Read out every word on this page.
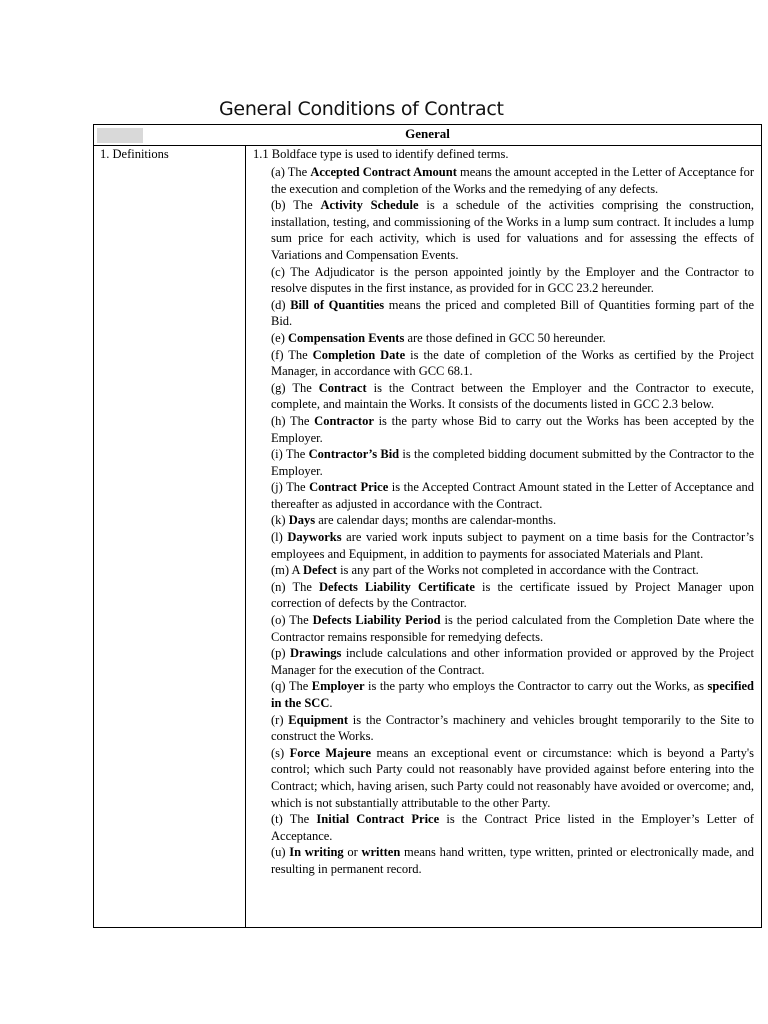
General Conditions of Contract
General
1. Definitions	1.1 Boldface type is used to identify defined terms.

(a) The Accepted Contract Amount means the amount accepted in the Letter of Acceptance for the execution and completion of the Works and the remedying of any defects.

(b) The Activity Schedule is a schedule of the activities comprising the construction, installation, testing, and commissioning of the Works in a lump sum contract. It includes a lump sum price for each activity, which is used for valuations and for assessing the effects of Variations and Compensation Events.

(c) The Adjudicator is the person appointed jointly by the Employer and the Contractor to resolve disputes in the first instance, as provided for in GCC 23.2 hereunder.

(d) Bill of Quantities means the priced and completed Bill of Quantities forming part of the Bid.

(e) Compensation Events are those defined in GCC 50 hereunder.

(f) The Completion Date is the date of completion of the Works as certified by the Project Manager, in accordance with GCC 68.1.

(g) The Contract is the Contract between the Employer and the Contractor to execute, complete, and maintain the Works. It consists of the documents listed in GCC 2.3 below.

(h) The Contractor is the party whose Bid to carry out the Works has been accepted by the Employer.

(i) The Contractor’s Bid is the completed bidding document submitted by the Contractor to the Employer.

(j) The Contract Price is the Accepted Contract Amount stated in the Letter of Acceptance and thereafter as adjusted in accordance with the Contract.

(k) Days are calendar days; months are calendar-months.

(l) Dayworks are varied work inputs subject to payment on a time basis for the Contractor’s employees and Equipment, in addition to payments for associated Materials and Plant.

(m) A Defect is any part of the Works not completed in accordance with the Contract.

(n) The Defects Liability Certificate is the certificate issued by Project Manager upon correction of defects by the Contractor.

(o) The Defects Liability Period is the period calculated from the Completion Date where the Contractor remains responsible for remedying defects.

(p) Drawings include calculations and other information provided or approved by the Project Manager for the execution of the Contract.

(q) The Employer is the party who employs the Contractor to carry out the Works, as specified in the SCC.

(r) Equipment is the Contractor’s machinery and vehicles brought temporarily to the Site to construct the Works.

(s) Force Majeure means an exceptional event or circumstance: which is beyond a Party's control; which such Party could not reasonably have provided against before entering into the Contract; which, having arisen, such Party could not reasonably have avoided or overcome; and, which is not substantially attributable to the other Party.

(t) The Initial Contract Price is the Contract Price listed in the Employer’s Letter of Acceptance.

(u) In writing or written means hand written, type written, printed or electronically made, and resulting in permanent record.
